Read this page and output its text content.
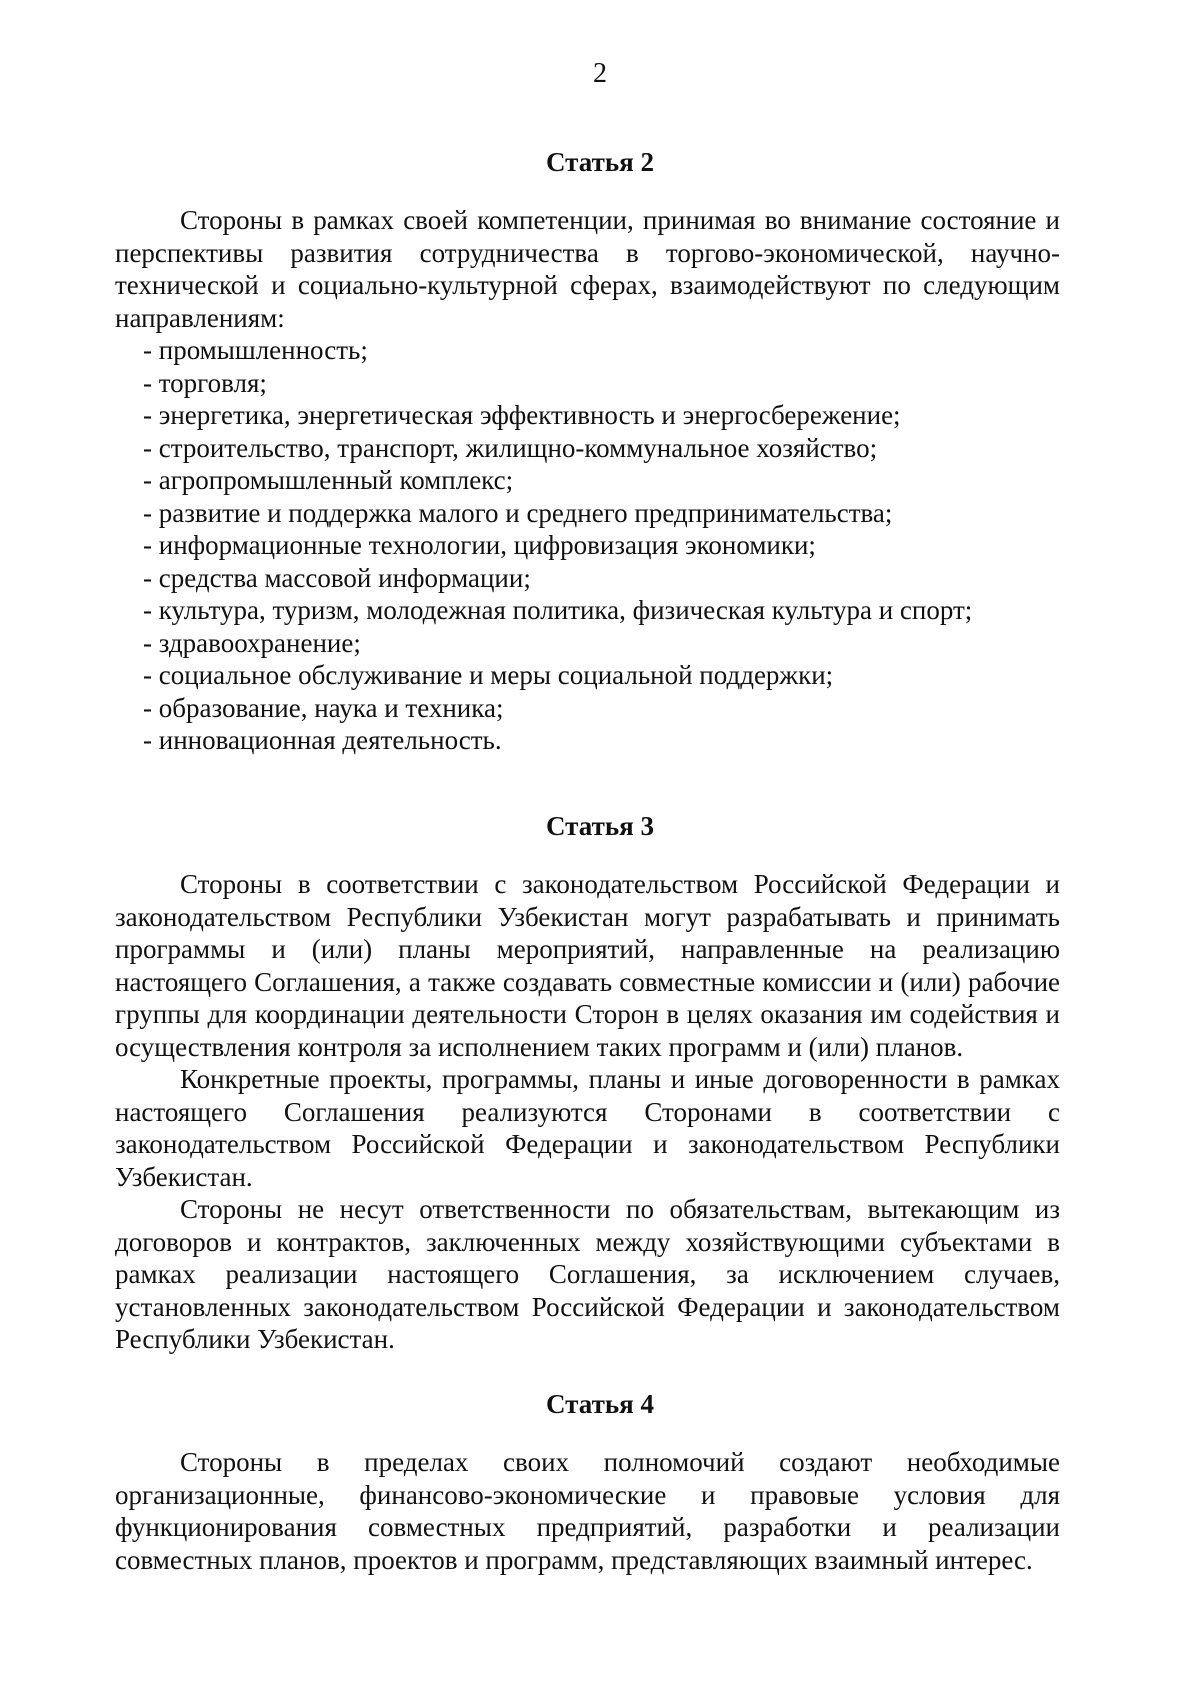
2
Статья 2

Стороны в рамках своей компетенции, принимая во внимание состояние и перспективы развития сотрудничества в торгово-экономической, научно-технической и социально-культурной сферах, взаимодействуют по следующим направлениям:

- промышленность;
- торговля;
- энергетика, энергетическая эффективность и энергосбережение;
- строительство, транспорт, жилищно-коммунальное хозяйство;
- агропромышленный комплекс;
- развитие и поддержка малого и среднего предпринимательства;
- информационные технологии, цифровизация экономики;
- средства массовой информации;
- культура, туризм, молодежная политика, физическая культура и спорт;
- здравоохранение;
- социальное обслуживание и меры социальной поддержки;
- образование, наука и техника;
- инновационная деятельность.
Статья 3

Стороны в соответствии с законодательством Российской Федерации и законодательством Республики Узбекистан могут разрабатывать и принимать программы и (или) планы мероприятий, направленные на реализацию настоящего Соглашения, а также создавать совместные комиссии и (или) рабочие группы для координации деятельности Сторон в целях оказания им содействия и осуществления контроля за исполнением таких программ и (или) планов.

Конкретные проекты, программы, планы и иные договоренности в рамках настоящего Соглашения реализуются Сторонами в соответствии с законодательством Российской Федерации и законодательством Республики Узбекистан.

Стороны не несут ответственности по обязательствам, вытекающим из договоров и контрактов, заключенных между хозяйствующими субъектами в рамках реализации настоящего Соглашения, за исключением случаев, установленных законодательством Российской Федерации и законодательством Республики Узбекистан.

Статья 4

Стороны в пределах своих полномочий создают необходимые организационные, финансово-экономические и правовые условия для функционирования совместных предприятий, разработки и реализации совместных планов, проектов и программ, представляющих взаимный интерес.
